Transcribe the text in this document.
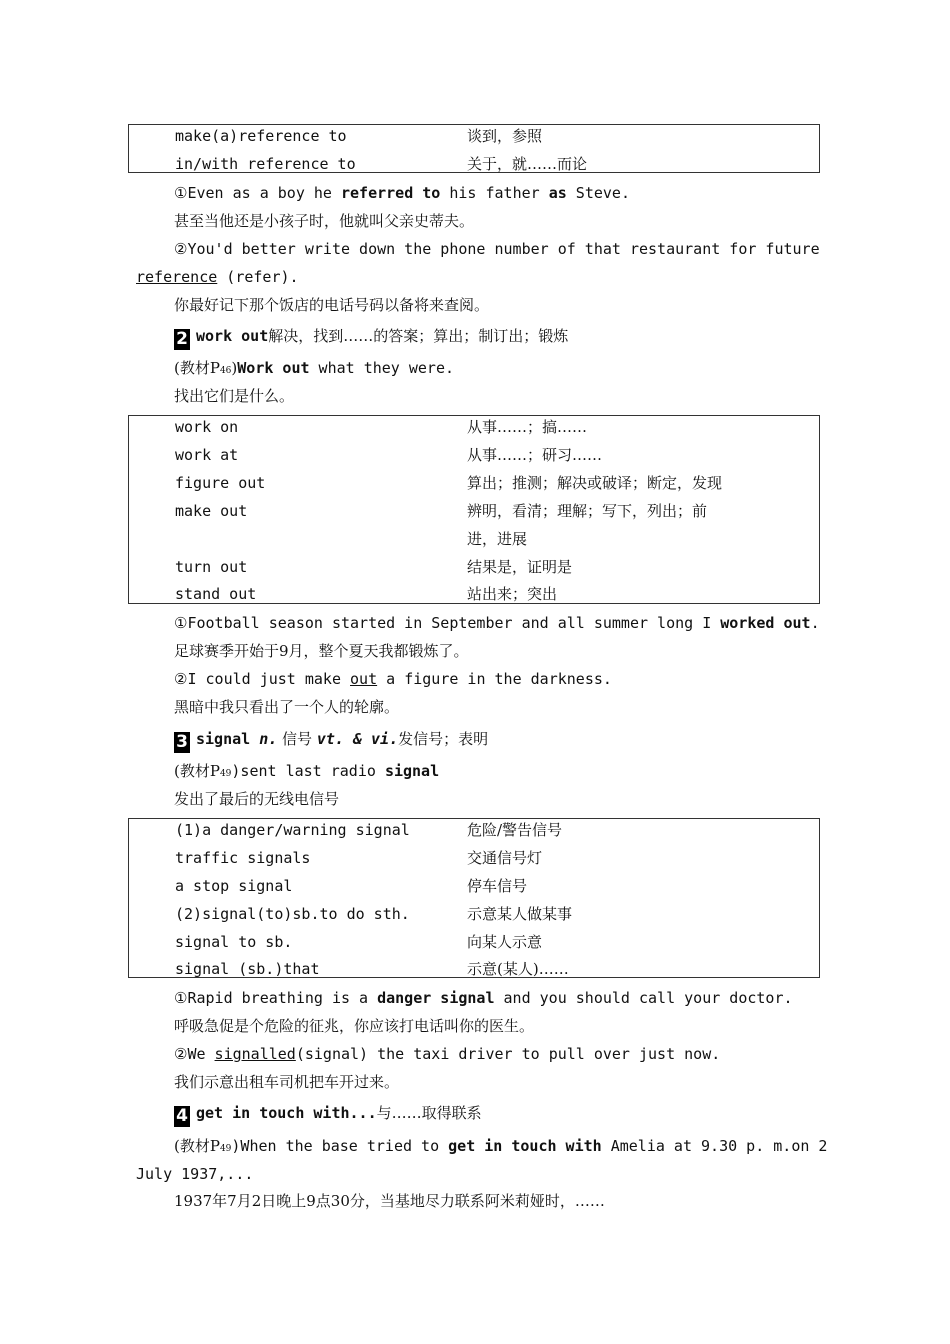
make(a)reference to	谈到，参照
in/with reference to	关于，就……而论
①Even as a boy he referred to his father as Steve.
甚至当他还是小孩子时，他就叫父亲史蒂夫。
②You'd better write down the phone number of that restaurant for future
reference (refer).
你最好记下那个饭店的电话号码以备将来查阅。
2 work out解决，找到……的答案；算出；制订出；锻炼
(教材P46)Work out what they were.
找出它们是什么。
work on	从事……；搞……
work at	从事……；研习……
figure out	算出；推测；解决或破译；断定，发现
make out	辨明，看清；理解；写下，列出；前
进，进展
turn out	结果是，证明是
stand out	站出来；突出
①Football season started in September and all summer long I worked out.
足球赛季开始于9月，整个夏天我都锻炼了。
②I could just make out a figure in the darkness.
黑暗中我只看出了一个人的轮廓。
3 signal n. 信号 vt. & vi.发信号；表明
(教材P49)sent last radio signal
发出了最后的无线电信号
(1)a danger/warning signal	危险/警告信号
traffic signals	交通信号灯
a stop signal	停车信号
(2)signal(to)sb.to do sth.	示意某人做某事
signal to sb.	向某人示意
signal (sb.)that	示意(某人)……
①Rapid breathing is a danger signal and you should call your doctor.
呼吸急促是个危险的征兆，你应该打电话叫你的医生。
②We signalled(signal) the taxi driver to pull over just now.
我们示意出租车司机把车开过来。
4 get in touch with...与……取得联系
(教材P49)When the base tried to get in touch with Amelia at 9.30 p. m.on 2
July 1937,...
1937年7月2日晚上9点30分，当基地尽力联系阿米莉娅时，……
